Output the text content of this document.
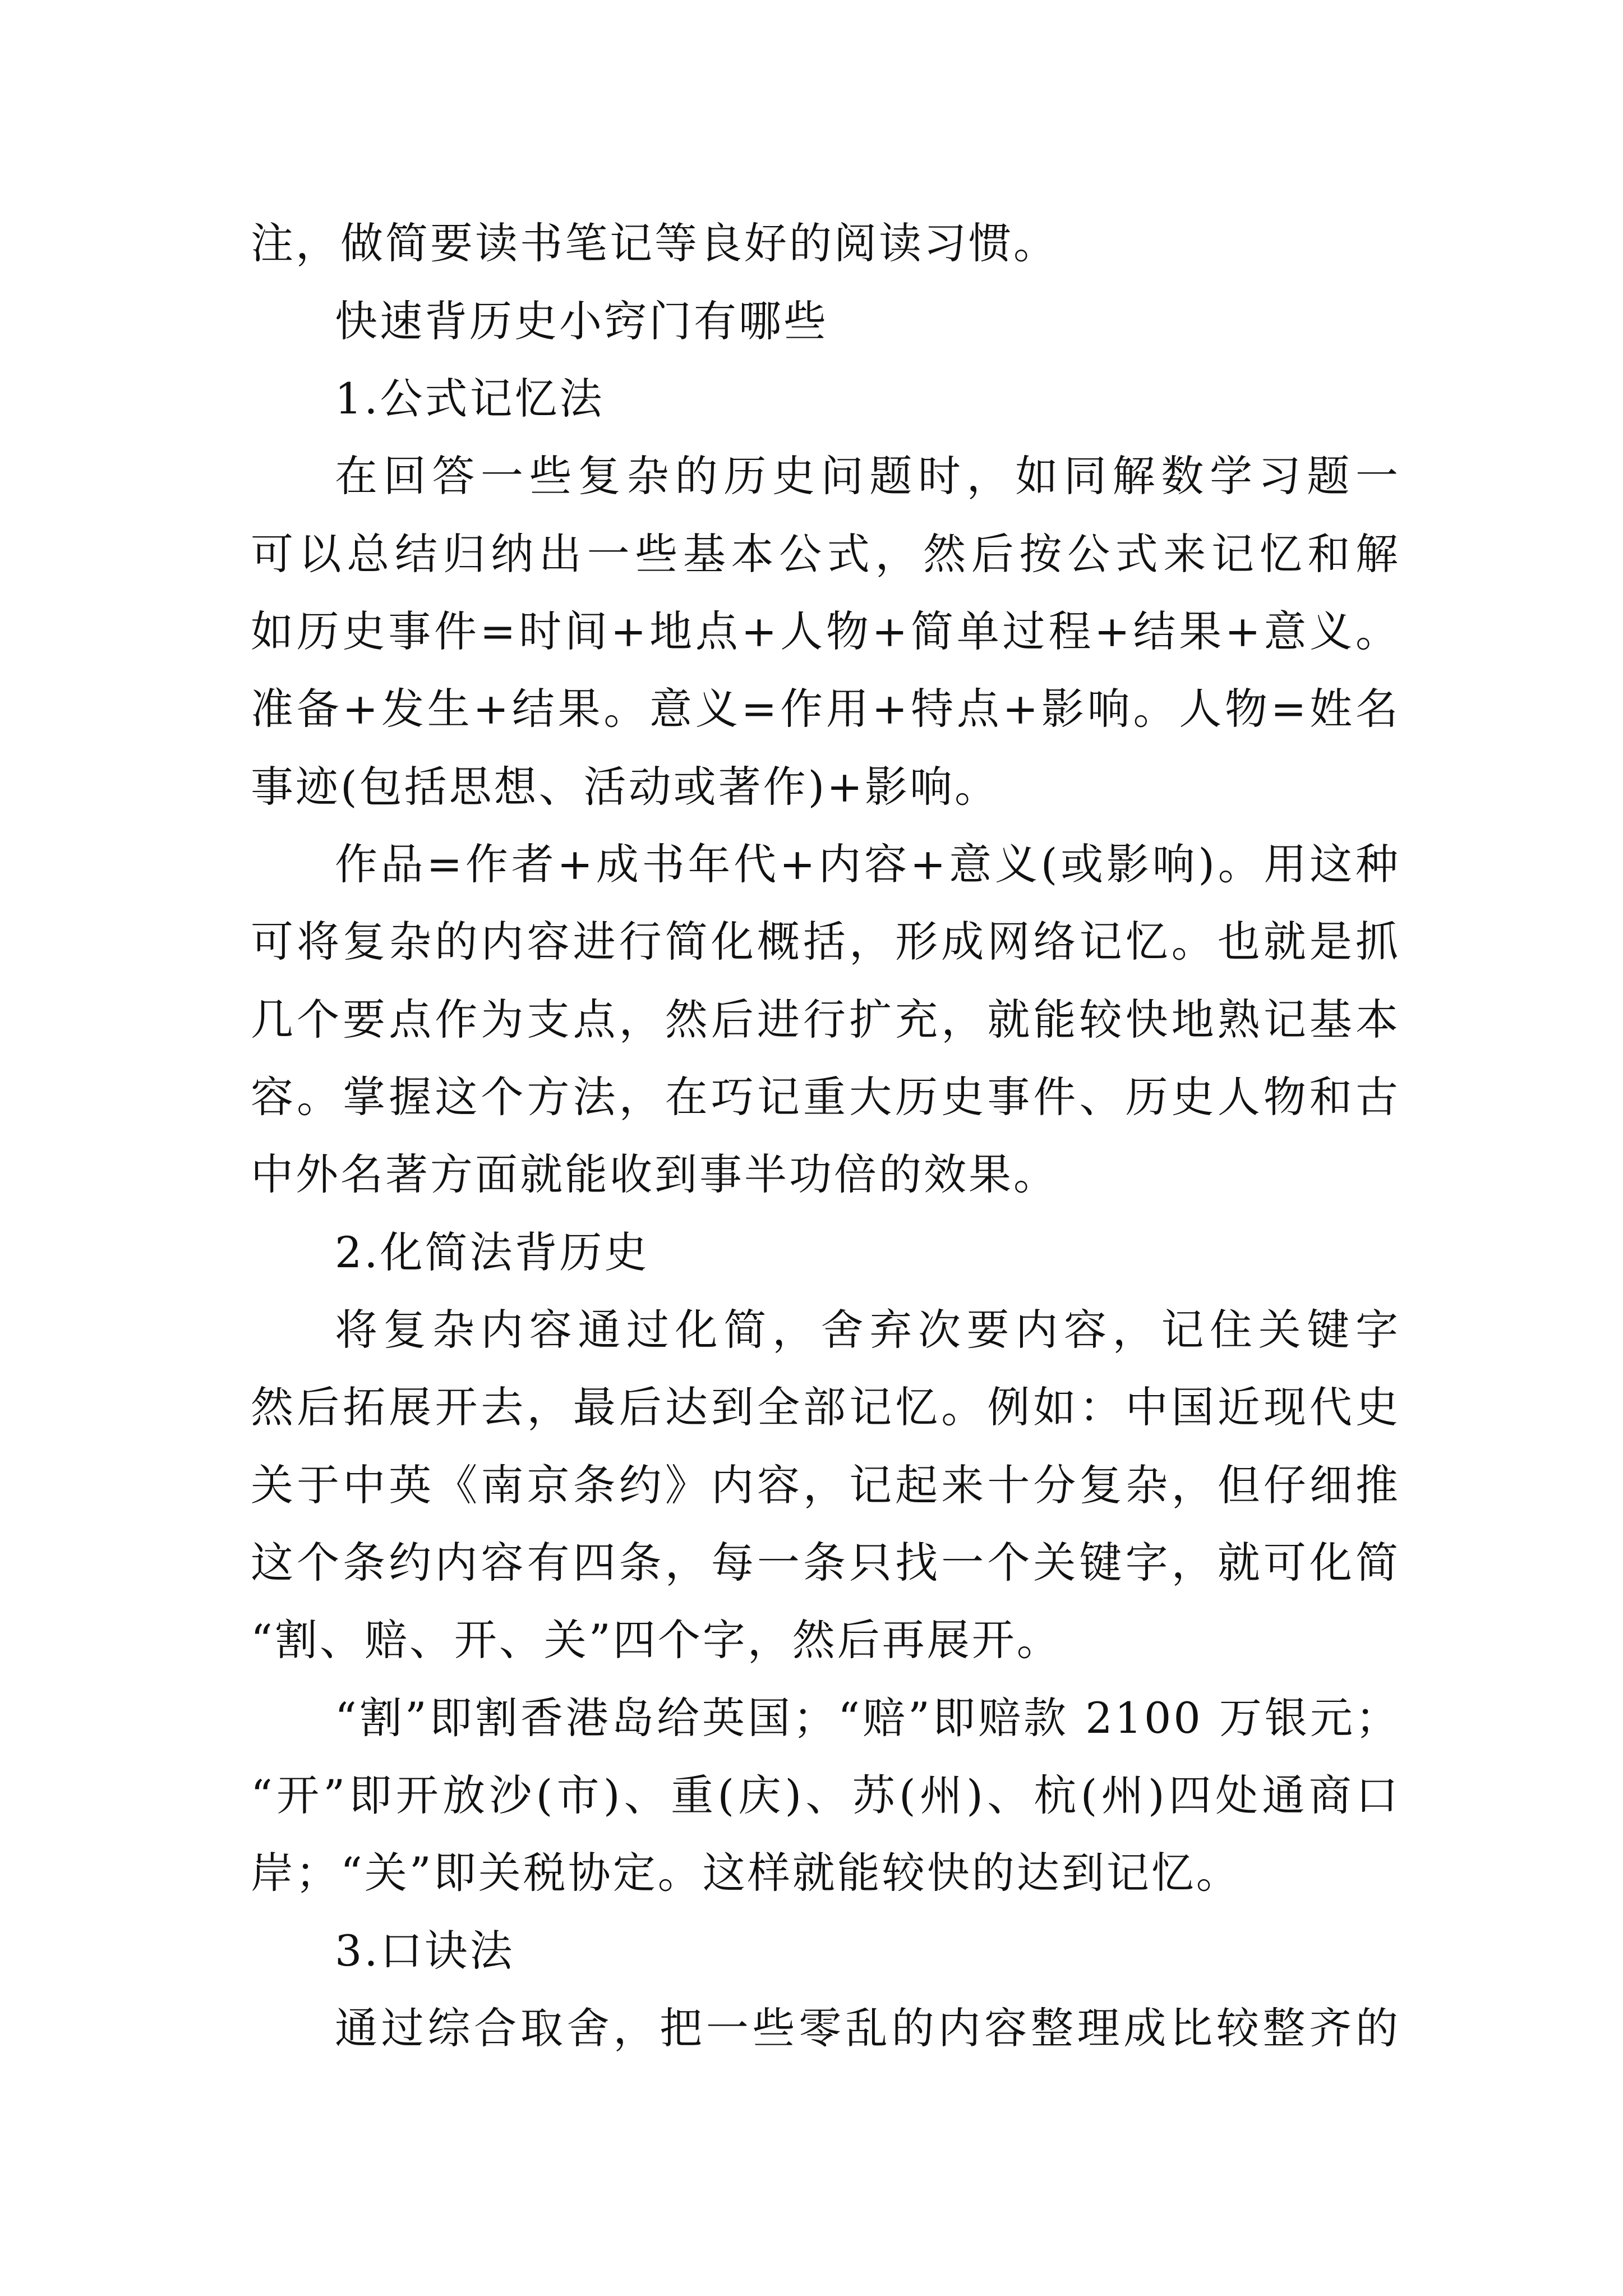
注，做简要读书笔记等良好的阅读习惯。
快速背历史小窍门有哪些
1.公式记忆法
在回答一些复杂的历史问题时，如同解数学习题一
可以总结归纳出一些基本公式，然后按公式来记忆和解
如历史事件=时间+地点+人物+简单过程+结果+意义。
准备+发生+结果。意义=作用+特点+影响。人物=姓名
事迹(包括思想、活动或著作)+影响。
作品=作者+成书年代+内容+意义(或影响)。用这种
可将复杂的内容进行简化概括，形成网络记忆。也就是抓
几个要点作为支点，然后进行扩充，就能较快地熟记基本
容。掌握这个方法，在巧记重大历史事件、历史人物和古
中外名著方面就能收到事半功倍的效果。
2.化简法背历史
将复杂内容通过化简，舍弃次要内容，记住关键字
然后拓展开去，最后达到全部记忆。例如：中国近现代史
关于中英《南京条约》内容，记起来十分复杂，但仔细推
这个条约内容有四条，每一条只找一个关键字，就可化简
“割、赔、开、关”四个字，然后再展开。
“割”即割香港岛给英国；“赔”即赔款 2100 万银元；
“开”即开放沙(市)、重(庆)、苏(州)、杭(州)四处通商口
岸；“关”即关税协定。这样就能较快的达到记忆。
3.口诀法
通过综合取舍，把一些零乱的内容整理成比较整齐的
